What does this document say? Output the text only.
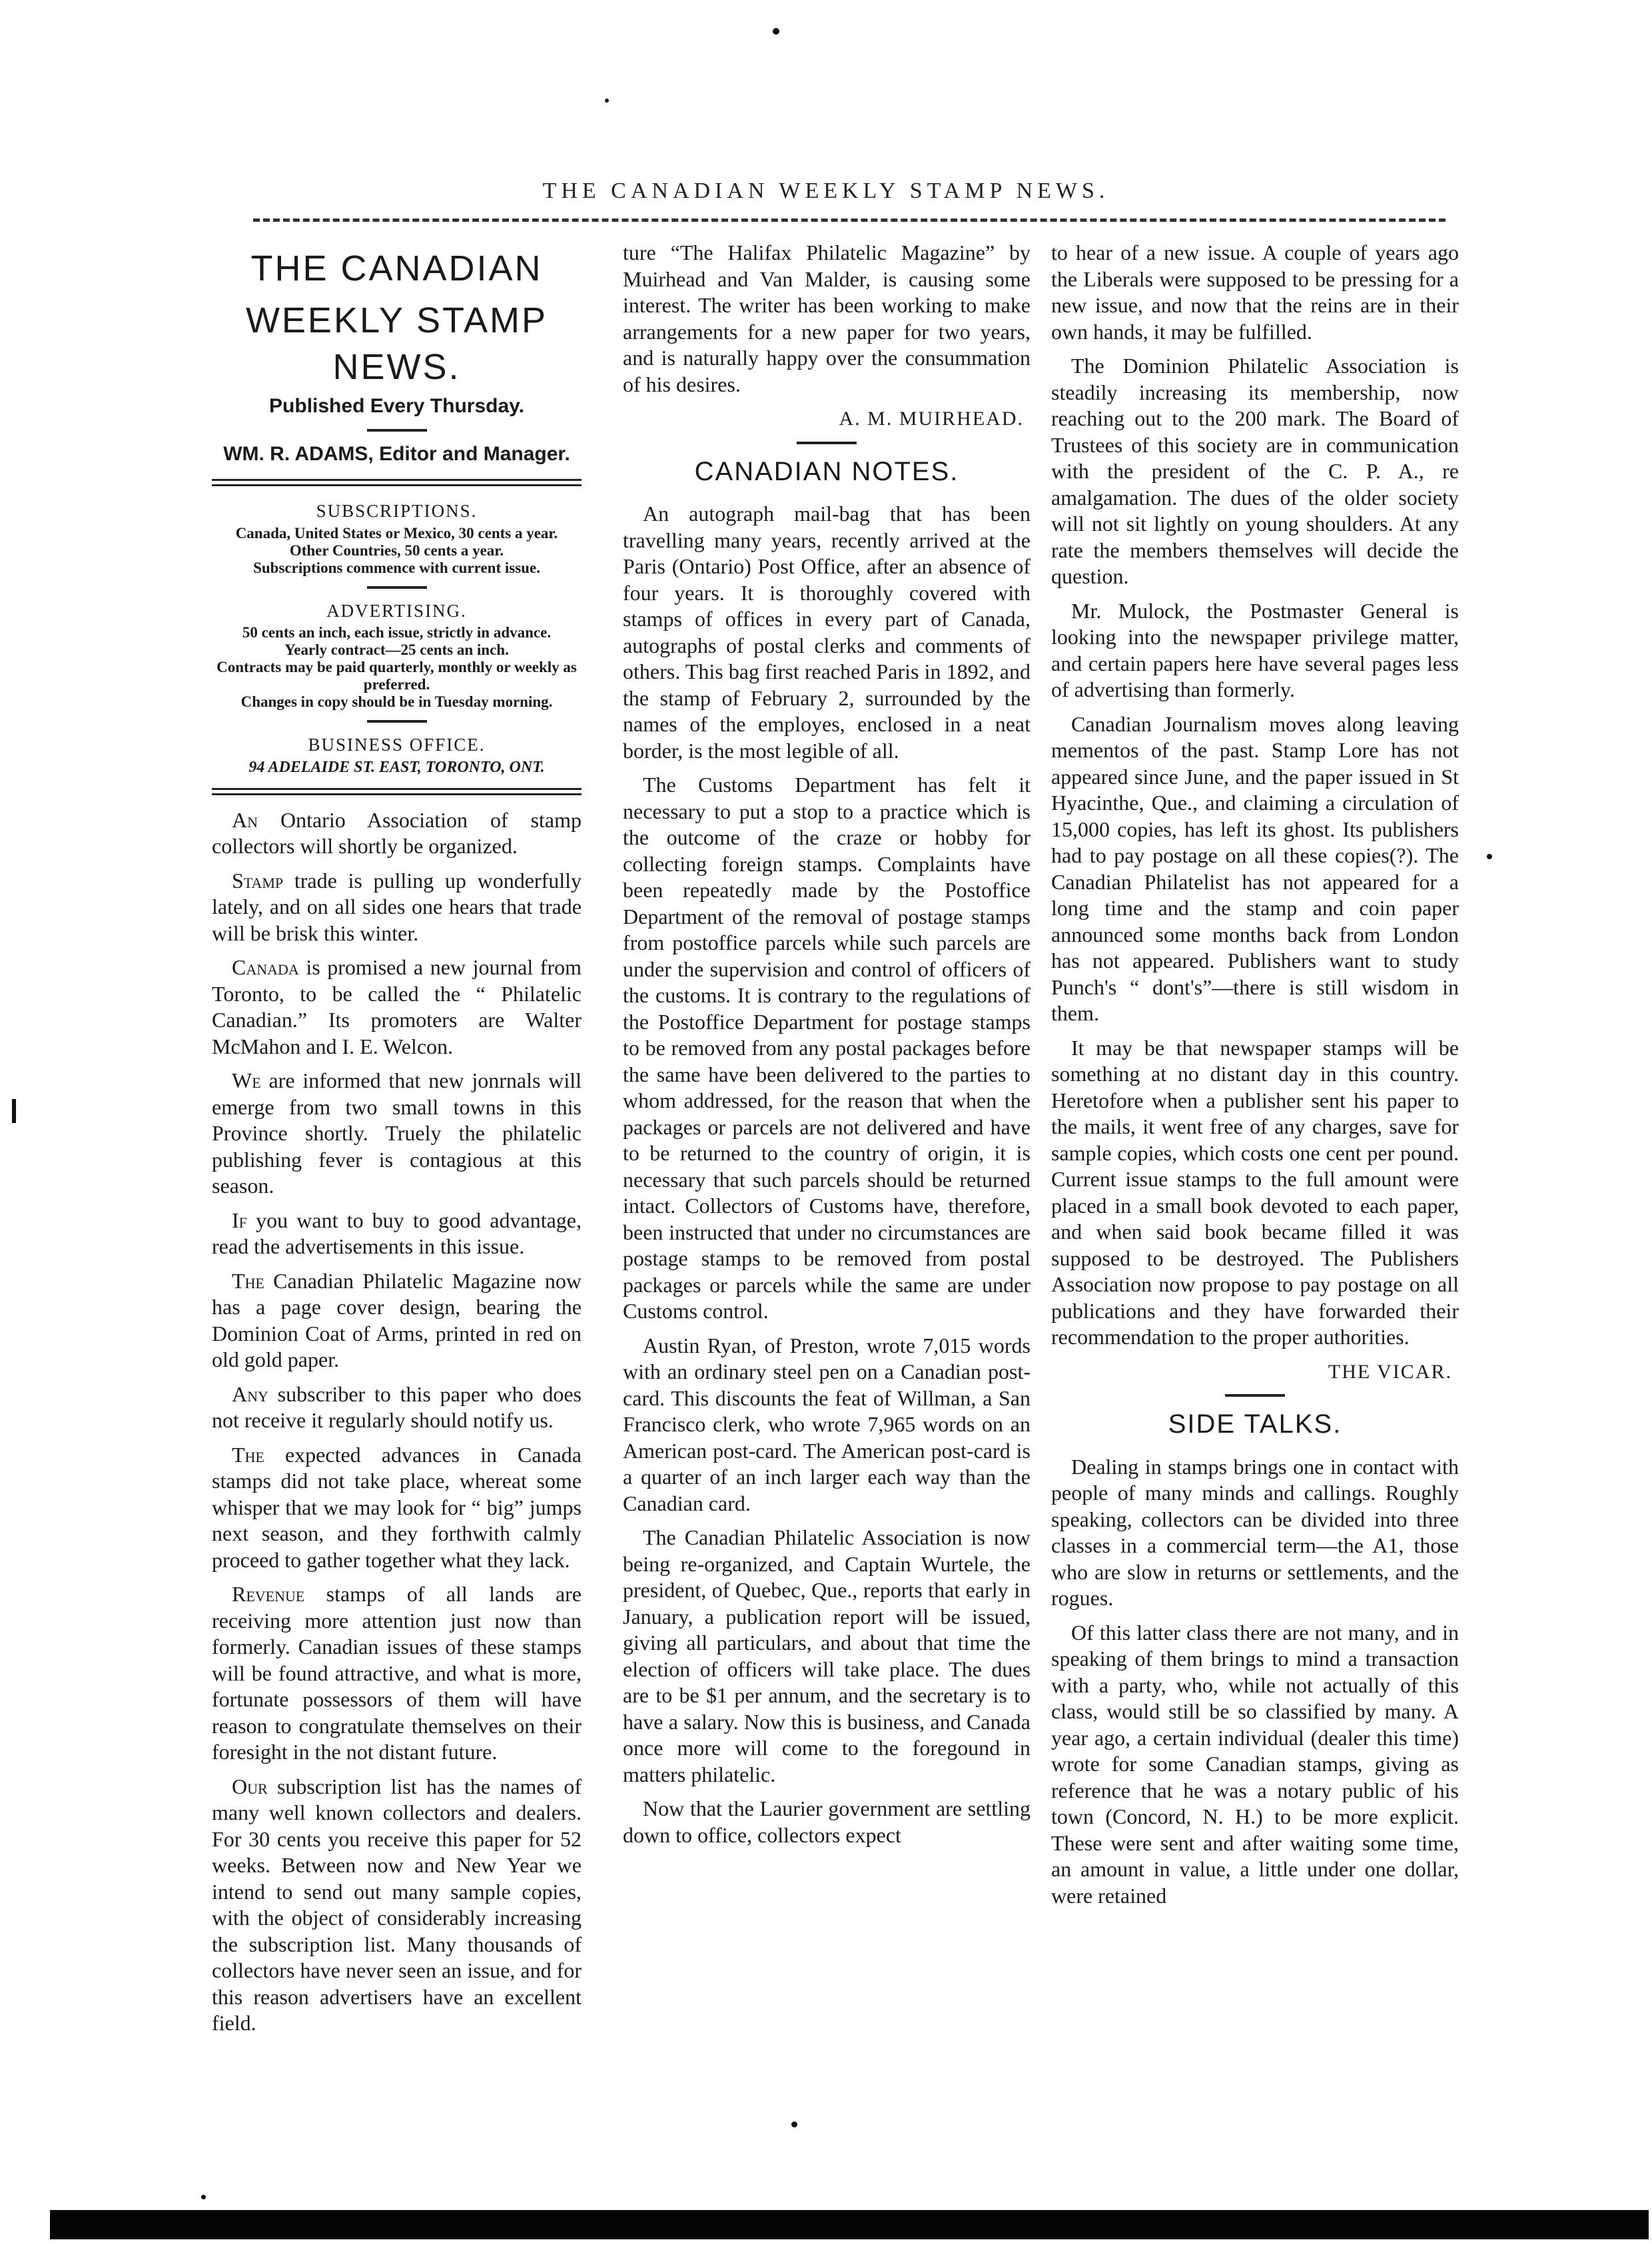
THE CANADIAN WEEKLY STAMP NEWS.
THE CANADIAN
WEEKLY STAMP NEWS.
Published Every Thursday.
WM. R. ADAMS, Editor and Manager.
SUBSCRIPTIONS.
Canada, United States or Mexico, 30 cents a year.
Other Countries, 50 cents a year.
Subscriptions commence with current issue.
ADVERTISING.
50 cents an inch, each issue, strictly in advance.
Yearly contract—25 cents an inch.
Contracts may be paid quarterly, monthly or weekly as preferred.
Changes in copy should be in Tuesday morning.
BUSINESS OFFICE.
94 ADELAIDE ST. EAST, TORONTO, ONT.

An Ontario Association of stamp collectors will shortly be organized.

Stamp trade is pulling up wonderfully lately, and on all sides one hears that trade will be brisk this winter.

Canada is promised a new journal from Toronto, to be called the “ Philatelic Canadian.” Its promoters are Walter McMahon and I. E. Welcon.

We are informed that new jonrnals will emerge from two small towns in this Province shortly. Truely the philatelic publishing fever is contagious at this season.

If you want to buy to good advantage, read the advertisements in this issue.

The Canadian Philatelic Magazine now has a page cover design, bearing the Dominion Coat of Arms, printed in red on old gold paper.

Any subscriber to this paper who does not receive it regularly should notify us.

The expected advances in Canada stamps did not take place, whereat some whisper that we may look for “ big” jumps next season, and they forthwith calmly proceed to gather together what they lack.

Revenue stamps of all lands are receiving more attention just now than formerly. Canadian issues of these stamps will be found attractive, and what is more, fortunate possessors of them will have reason to congratulate themselves on their foresight in the not distant future.

Our subscription list has the names of many well known collectors and dealers. For 30 cents you receive this paper for 52 weeks. Between now and New Year we intend to send out many sample copies, with the object of considerably increasing the subscription list. Many thousands of collectors have never seen an issue, and for this reason advertisers have an excellent field.

ture “The Halifax Philatelic Magazine” by Muirhead and Van Malder, is causing some interest. The writer has been working to make arrangements for a new paper for two years, and is naturally happy over the consummation of his desires.

A. M. MUIRHEAD.
CANADIAN NOTES.

An autograph mail-bag that has been travelling many years, recently arrived at the Paris (Ontario) Post Office, after an absence of four years. It is thoroughly covered with stamps of offices in every part of Canada, autographs of postal clerks and comments of others. This bag first reached Paris in 1892, and the stamp of February 2, surrounded by the names of the employes, enclosed in a neat border, is the most legible of all.

The Customs Department has felt it necessary to put a stop to a practice which is the outcome of the craze or hobby for collecting foreign stamps. Complaints have been repeatedly made by the Postoffice Department of the removal of postage stamps from postoffice parcels while such parcels are under the supervision and control of officers of the customs. It is contrary to the regulations of the Postoffice Department for postage stamps to be removed from any postal packages before the same have been delivered to the parties to whom addressed, for the reason that when the packages or parcels are not delivered and have to be returned to the country of origin, it is necessary that such parcels should be returned intact. Collectors of Customs have, therefore, been instructed that under no circumstances are postage stamps to be removed from postal packages or parcels while the same are under Customs control.

Austin Ryan, of Preston, wrote 7,015 words with an ordinary steel pen on a Canadian post-card. This discounts the feat of Willman, a San Francisco clerk, who wrote 7,965 words on an American post-card. The American post-card is a quarter of an inch larger each way than the Canadian card.

The Canadian Philatelic Association is now being re-organized, and Captain Wurtele, the president, of Quebec, Que., reports that early in January, a publication report will be issued, giving all particulars, and about that time the election of officers will take place. The dues are to be $1 per annum, and the secretary is to have a salary. Now this is business, and Canada once more will come to the foregound in matters philatelic.

Now that the Laurier government are settling down to office, collectors expect

to hear of a new issue. A couple of years ago the Liberals were supposed to be pressing for a new issue, and now that the reins are in their own hands, it may be fulfilled.

The Dominion Philatelic Association is steadily increasing its membership, now reaching out to the 200 mark. The Board of Trustees of this society are in communication with the president of the C. P. A., re amalgamation. The dues of the older society will not sit lightly on young shoulders. At any rate the members themselves will decide the question.

Mr. Mulock, the Postmaster General is looking into the newspaper privilege matter, and certain papers here have several pages less of advertising than formerly.

Canadian Journalism moves along leaving mementos of the past. Stamp Lore has not appeared since June, and the paper issued in St Hyacinthe, Que., and claiming a circulation of 15,000 copies, has left its ghost. Its publishers had to pay postage on all these copies(?). The Canadian Philatelist has not appeared for a long time and the stamp and coin paper announced some months back from London has not appeared. Publishers want to study Punch's “ dont's”—there is still wisdom in them.

It may be that newspaper stamps will be something at no distant day in this country. Heretofore when a publisher sent his paper to the mails, it went free of any charges, save for sample copies, which costs one cent per pound. Current issue stamps to the full amount were placed in a small book devoted to each paper, and when said book became filled it was supposed to be destroyed. The Publishers Association now propose to pay postage on all publications and they have forwarded their recommendation to the proper authorities.

THE VICAR.
SIDE TALKS.

Dealing in stamps brings one in contact with people of many minds and callings. Roughly speaking, collectors can be divided into three classes in a commercial term—the A1, those who are slow in returns or settlements, and the rogues.

Of this latter class there are not many, and in speaking of them brings to mind a transaction with a party, who, while not actually of this class, would still be so classified by many. A year ago, a certain individual (dealer this time) wrote for some Canadian stamps, giving as reference that he was a notary public of his town (Concord, N. H.) to be more explicit. These were sent and after waiting some time, an amount in value, a little under one dollar, were retained
